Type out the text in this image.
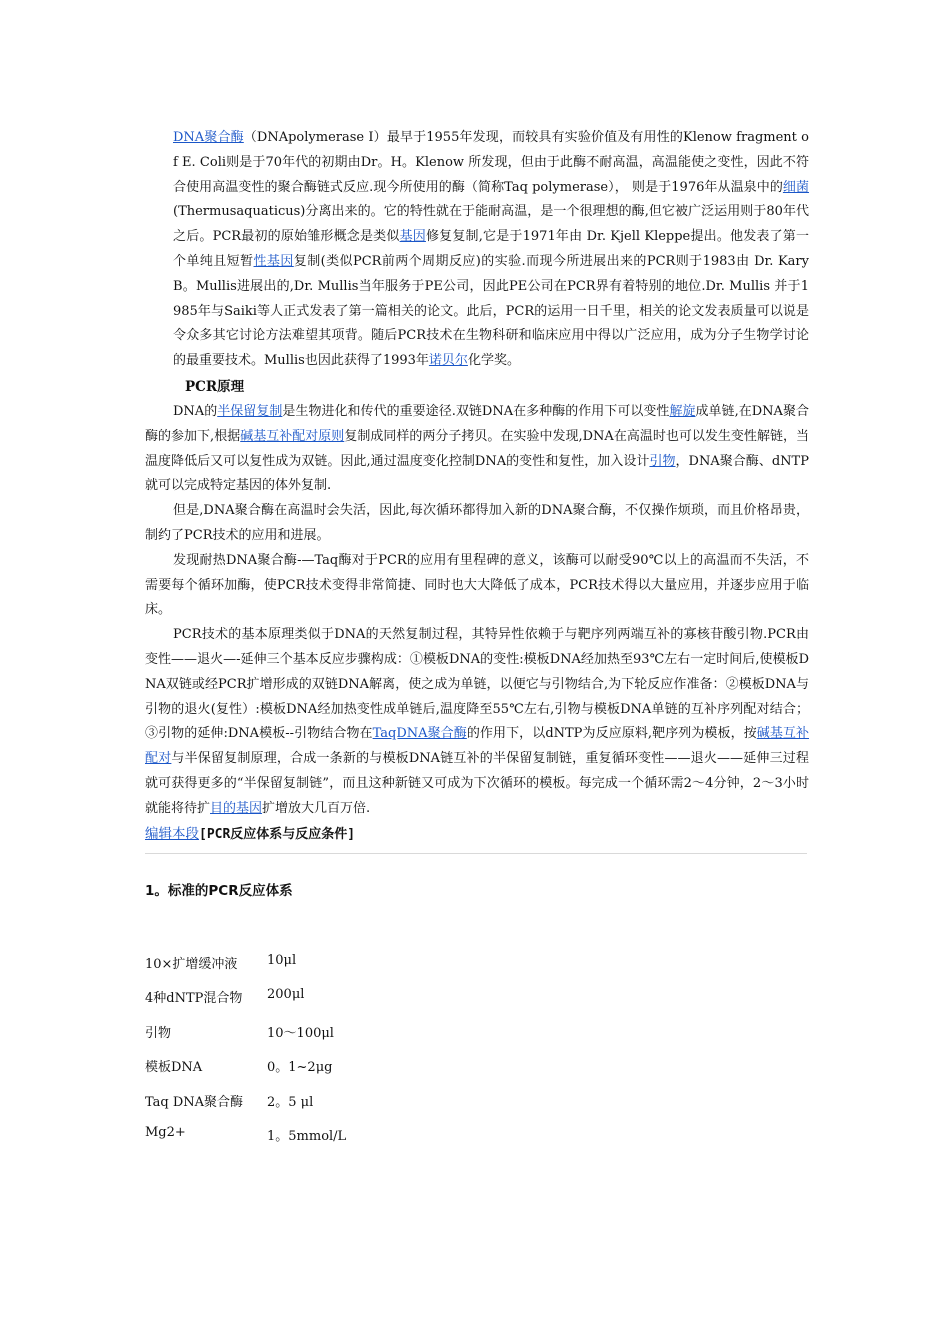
DNA聚合酶（DNApolymerase I）最早于1955年发现，而较具有实验价值及有用性的Klenow fragment of E. Coli则是于70年代的初期由Dr。H。Klenow 所发现，但由于此酶不耐高温，高温能使之变性，因此不符合使用高温变性的聚合酶链式反应.现今所使用的酶（简称Taq polymerase）， 则是于1976年从温泉中的细菌(Thermusaquaticus)分离出来的。它的特性就在于能耐高温，是一个很理想的酶,但它被广泛运用则于80年代之后。PCR最初的原始雏形概念是类似基因修复复制,它是于1971年由 Dr. Kjell Kleppe提出。他发表了第一个单纯且短暂性基因复制(类似PCR前两个周期反应)的实验.而现今所进展出来的PCR则于1983由 Dr. Kary B。Mullis进展出的,Dr. Mullis当年服务于PE公司，因此PE公司在PCR界有着特别的地位.Dr. Mullis 并于1985年与Saiki等人正式发表了第一篇相关的论文。此后，PCR的运用一日千里，相关的论文发表质量可以说是令众多其它讨论方法难望其项背。随后PCR技术在生物科研和临床应用中得以广泛应用，成为分子生物学讨论的最重要技术。Mullis也因此获得了1993年诺贝尔化学奖。

PCR原理

DNA的半保留复制是生物进化和传代的重要途径.双链DNA在多种酶的作用下可以变性解旋成单链,在DNA聚合酶的参加下,根据碱基互补配对原则复制成同样的两分子拷贝。在实验中发现,DNA在高温时也可以发生变性解链，当温度降低后又可以复性成为双链。因此,通过温度变化控制DNA的变性和复性，加入设计引物，DNA聚合酶、dNTP就可以完成特定基因的体外复制.

但是,DNA聚合酶在高温时会失活，因此,每次循环都得加入新的DNA聚合酶，不仅操作烦琐，而且价格昂贵，制约了PCR技术的应用和进展。

发现耐热DNA聚合酶-—Taq酶对于PCR的应用有里程碑的意义，该酶可以耐受90℃以上的高温而不失活，不需要每个循环加酶，使PCR技术变得非常简捷、同时也大大降低了成本，PCR技术得以大量应用，并逐步应用于临床。

PCR技术的基本原理类似于DNA的天然复制过程，其特异性依赖于与靶序列两端互补的寡核苷酸引物.PCR由变性——退火—-延伸三个基本反应步骤构成：①模板DNA的变性:模板DNA经加热至93℃左右一定时间后,使模板DNA双链或经PCR扩增形成的双链DNA解离，使之成为单链，以便它与引物结合,为下轮反应作准备：②模板DNA与引物的退火(复性）:模板DNA经加热变性成单链后,温度降至55℃左右,引物与模板DNA单链的互补序列配对结合；③引物的延伸:DNA模板--引物结合物在TaqDNA聚合酶的作用下，以dNTP为反应原料,靶序列为模板，按碱基互补配对与半保留复制原理，合成一条新的与模板DNA链互补的半保留复制链，重复循环变性——退火——延伸三过程就可获得更多的“半保留复制链”，而且这种新链又可成为下次循环的模板。每完成一个循环需2～4分钟，2～3小时就能将待扩目的基因扩增放大几百万倍.

编辑本段[PCR反应体系与反应条件]
1。标准的PCR反应体系
10×扩增缓冲液	10μl
4种dNTP混合物	200μl
引物	10～100μl
模板DNA	0。1~2μg
Taq DNA聚合酶	2。5 μl
Mg2+	1。5mmol/L
